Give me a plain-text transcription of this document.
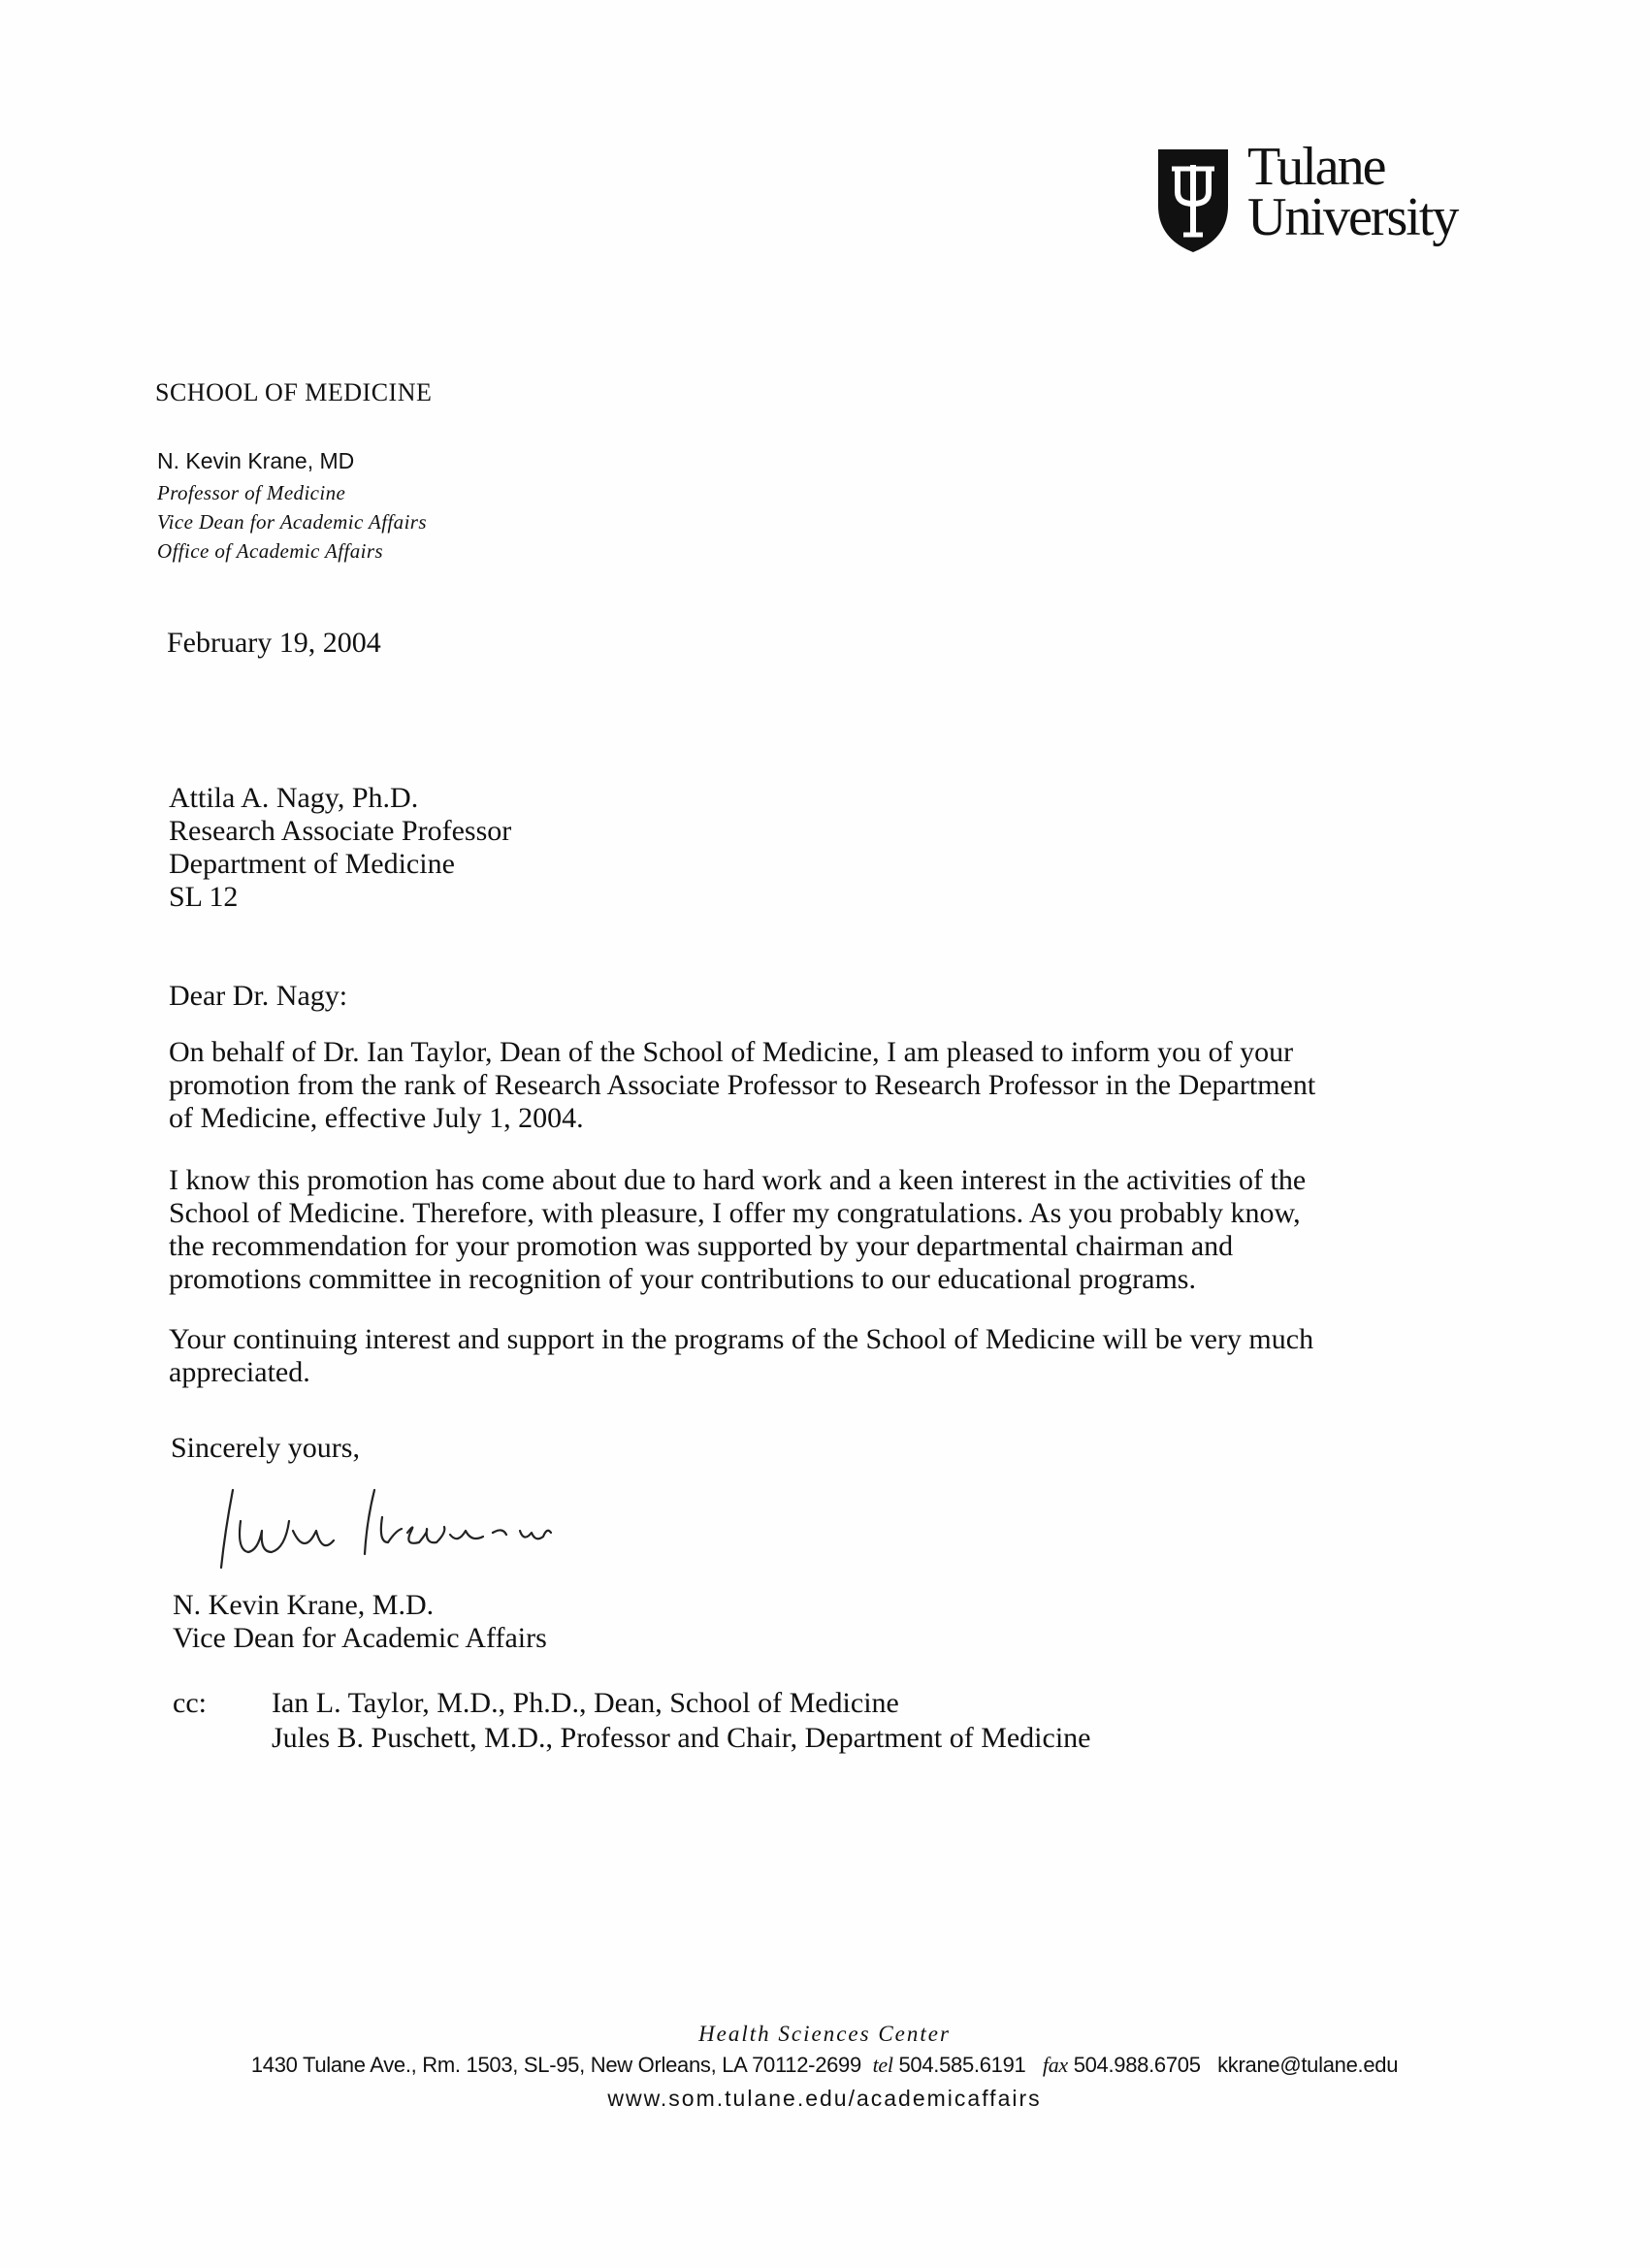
Tulane
University
SCHOOL OF MEDICINE
N. Kevin Krane, MD
Professor of Medicine
Vice Dean for Academic Affairs
Office of Academic Affairs
February 19, 2004
Attila A. Nagy, Ph.D.
Research Associate Professor
Department of Medicine
SL 12
Dear Dr. Nagy:
On behalf of Dr. Ian Taylor, Dean of the School of Medicine, I am pleased to inform you of your
promotion from the rank of Research Associate Professor to Research Professor in the Department
of Medicine, effective July 1, 2004.
I know this promotion has come about due to hard work and a keen interest in the activities of the
School of Medicine. Therefore, with pleasure, I offer my congratulations. As you probably know,
the recommendation for your promotion was supported by your departmental chairman and
promotions committee in recognition of your contributions to our educational programs.
Your continuing interest and support in the programs of the School of Medicine will be very much
appreciated.
Sincerely yours,
N. Kevin Krane, M.D.
Vice Dean for Academic Affairs
cc: Ian L. Taylor, M.D., Ph.D., Dean, School of Medicine
Jules B. Puschett, M.D., Professor and Chair, Department of Medicine
Health Sciences Center
1430 Tulane Ave., Rm. 1503, SL-95, New Orleans, LA 70112-2699 tel 504.585.6191 fax 504.988.6705 kkrane@tulane.edu
www.som.tulane.edu/academicaffairs
